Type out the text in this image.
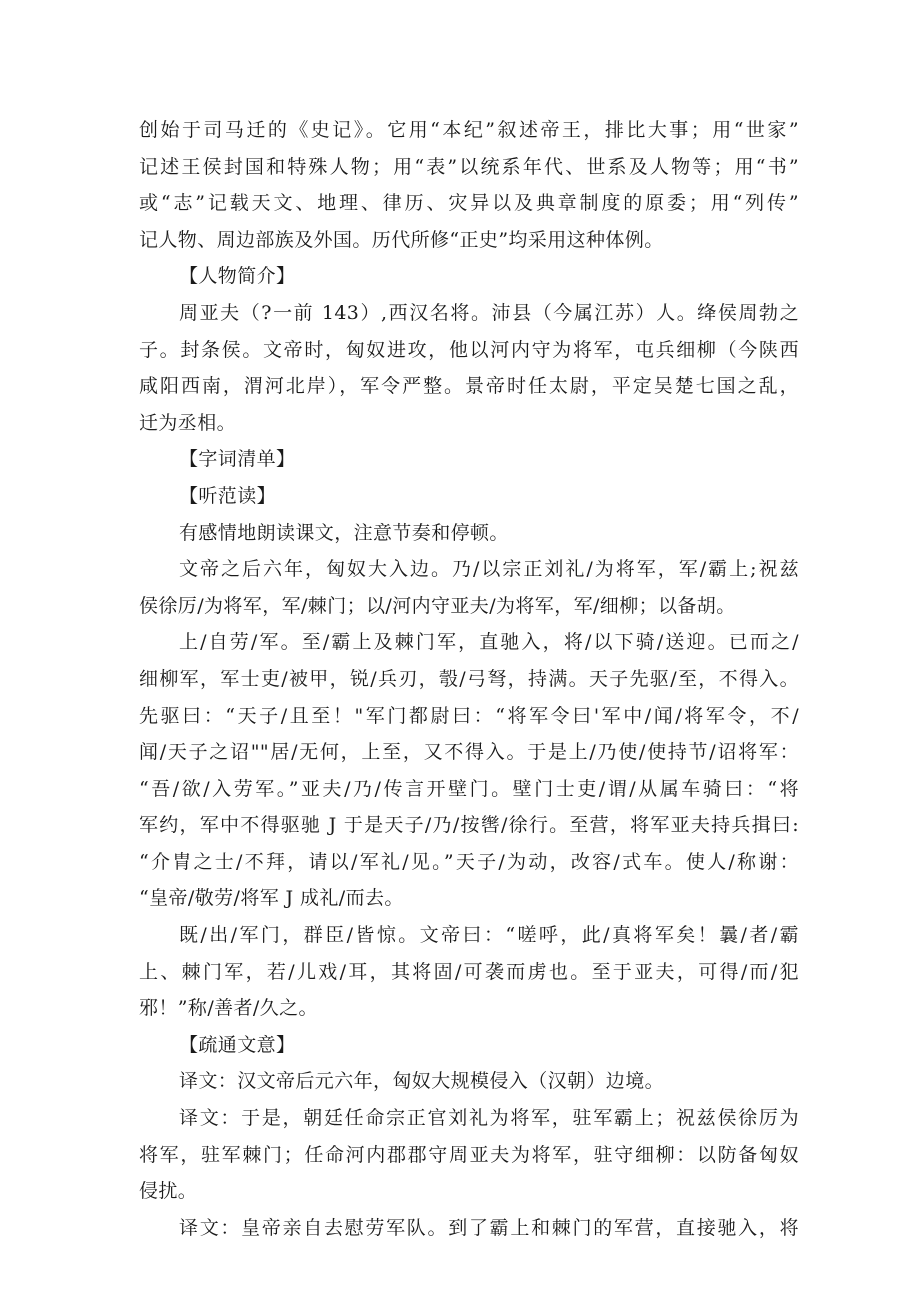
创始于司马迁的《史记》。它用“本纪”叙述帝王，排比大事；用“世家”
记述王侯封国和特殊人物；用“表”以统系年代、世系及人物等；用“书”
或“志”记载天文、地理、律历、灾异以及典章制度的原委；用“列传”
记人物、周边部族及外国。历代所修“正史”均采用这种体例。
【人物简介】
周亚夫（?一前 143）,西汉名将。沛县（今属江苏）人。绛侯周勃之
子。封条侯。文帝时，匈奴进攻，他以河内守为将军，屯兵细柳（今陕西
咸阳西南，渭河北岸），军令严整。景帝时任太尉，平定吴楚七国之乱，
迁为丞相。
【字词清单】
【听范读】
有感情地朗读课文，注意节奏和停顿。
文帝之后六年，匈奴大入边。乃/以宗正刘礼/为将军，军/霸上;祝兹
侯徐厉/为将军，军/棘门；以/河内守亚夫/为将军，军/细柳；以备胡。
上/自劳/军。至/霸上及棘门军，直驰入，将/以下骑/送迎。已而之/
细柳军，军士吏/被甲，锐/兵刃，彀/弓弩，持满。天子先驱/至，不得入。
先驱曰：“天子/且至！"军门都尉曰：“将军令曰'军中/闻/将军令，不/
闻/天子之诏""居/无何，上至，又不得入。于是上/乃使/使持节/诏将军：
“吾/欲/入劳军。”亚夫/乃/传言开壁门。壁门士吏/谓/从属车骑曰：“将
军约，军中不得驱驰 J 于是天子/乃/按辔/徐行。至营，将军亚夫持兵揖曰:
“介胄之士/不拜，请以/军礼/见。”天子/为动，改容/式车。使人/称谢：
“皇帝/敬劳/将军 J 成礼/而去。
既/出/军门，群臣/皆惊。文帝曰：“嗟呼，此/真将军矣！曩/者/霸
上、棘门军，若/儿戏/耳，其将固/可袭而虏也。至于亚夫，可得/而/犯
邪！”称/善者/久之。
【疏通文意】
译文：汉文帝后元六年，匈奴大规模侵入（汉朝）边境。
译文：于是，朝廷任命宗正官刘礼为将军，驻军霸上；祝兹侯徐厉为
将军，驻军棘门；任命河内郡郡守周亚夫为将军，驻守细柳：以防备匈奴
侵扰。
译文：皇帝亲自去慰劳军队。到了霸上和棘门的军营，直接驰入，将
